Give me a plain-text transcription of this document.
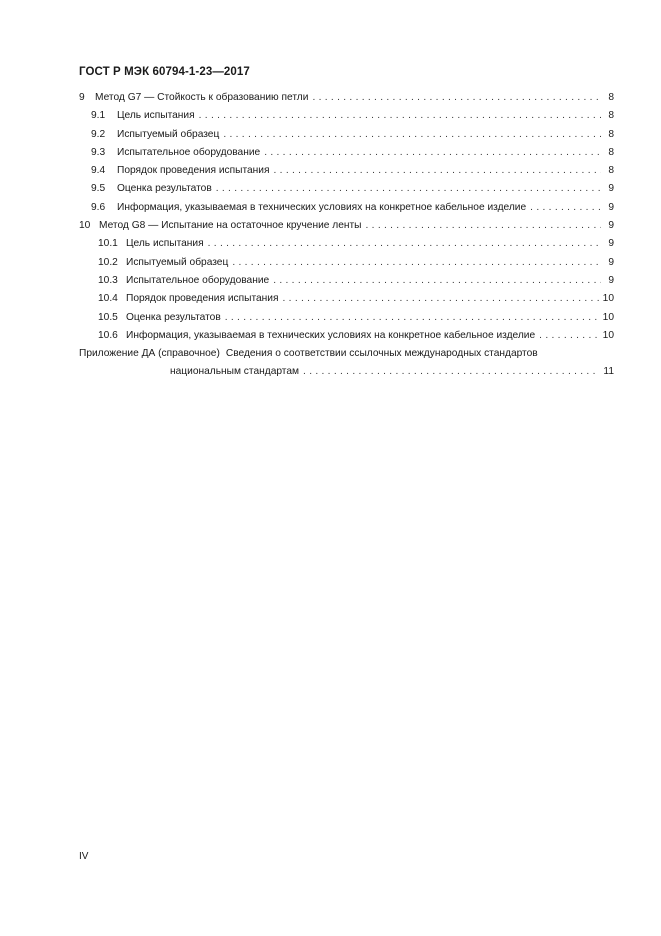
ГОСТ Р МЭК 60794-1-23—2017
9	Метод G7 — Стойкость к образованию петли . . .	8
9.1	Цель испытания . . .	8
9.2	Испытуемый образец . . .	8
9.3	Испытательное оборудование . . .	8
9.4	Порядок проведения испытания . . .	8
9.5	Оценка результатов . . .	9
9.6	Информация, указываемая в технических условиях на конкретное кабельное изделие . . .	9
10 Метод G8 — Испытание на остаточное кручение ленты . . .	9
10.1 Цель испытания . . .	9
10.2 Испытуемый образец . . .	9
10.3 Испытательное оборудование . . .	9
10.4 Порядок проведения испытания . . .	10
10.5 Оценка результатов . . .	10
10.6 Информация, указываемая в технических условиях на конкретное кабельное изделие . . .	10
Приложение ДА (справочное) Сведения о соответствии ссылочных международных стандартов
национальным стандартам . . .	11
IV
